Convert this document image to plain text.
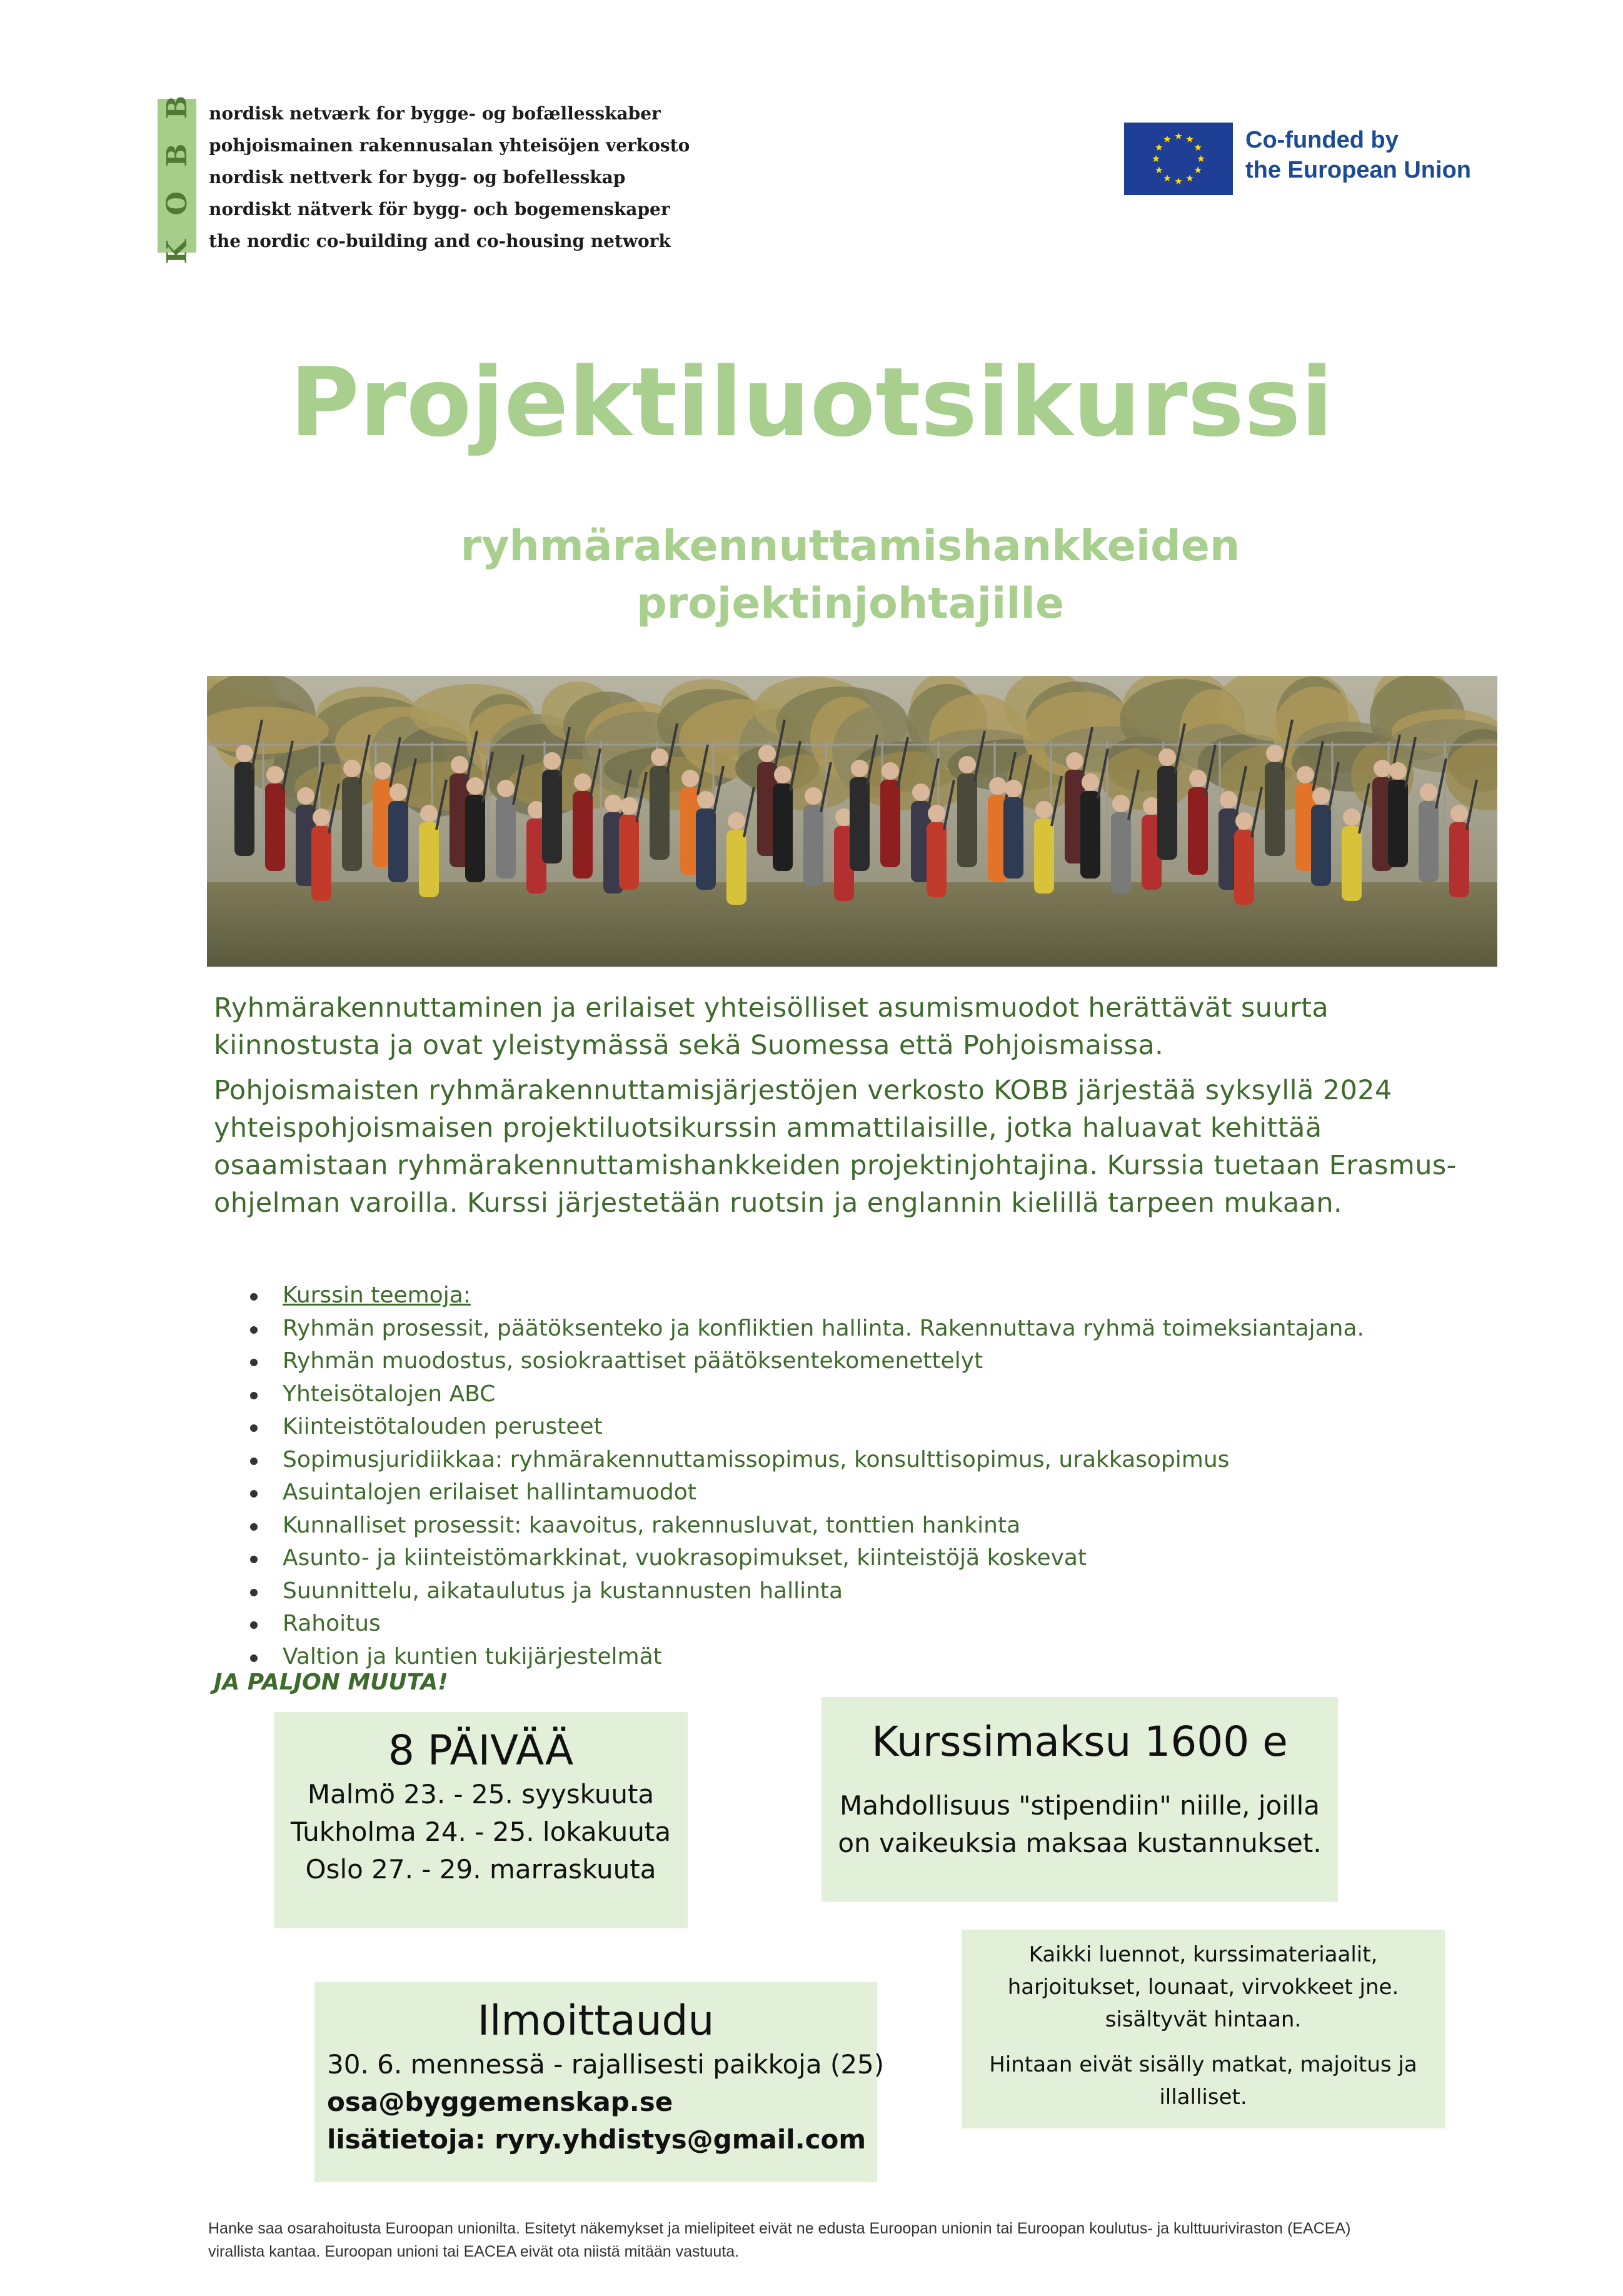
K O B B nordisk netværk for bygge- og bofællesskaber
pohjoismainen rakennusalan yhteisöjen verkosto
nordisk nettverk for bygg- og bofellesskap
nordiskt nätverk för bygg- och bogemenskaper
the nordic co-building and co-housing network
Co-funded by
the European Union
Projektiluotsikurssi
ryhmärakennuttamishankkeiden
projektinjohtajille

Ryhmärakennuttaminen ja erilaiset yhteisölliset asumismuodot herättävät suurta kiinnostusta ja ovat yleistymässä sekä Suomessa että Pohjoismaissa.

Pohjoismaisten ryhmärakennuttamisjärjestöjen verkosto KOBB järjestää syksyllä 2024 yhteispohjoismaisen projektiluotsikurssin ammattilaisille, jotka haluavat kehittää osaamistaan ryhmärakennuttamishankkeiden projektinjohtajina. Kurssia tuetaan Erasmus-ohjelman varoilla. Kurssi järjestetään ruotsin ja englannin kielillä tarpeen mukaan.

Kurssin teemoja:
Ryhmän prosessit, päätöksenteko ja konfliktien hallinta. Rakennuttava ryhmä toimeksiantajana.
Ryhmän muodostus, sosiokraattiset päätöksentekomenettelyt
Yhteisötalojen ABC
Kiinteistötalouden perusteet
Sopimusjuridiikkaa: ryhmärakennuttamissopimus, konsulttisopimus, urakkasopimus
Asuintalojen erilaiset hallintamuodot
Kunnalliset prosessit: kaavoitus, rakennusluvat, tonttien hankinta
Asunto- ja kiinteistömarkkinat, vuokrasopimukset, kiinteistöjä koskevat
Suunnittelu, aikataulutus ja kustannusten hallinta
Rahoitus
Valtion ja kuntien tukijärjestelmät
JA PALJON MUUTA!
8 PÄIVÄÄ
Malmö 23. - 25. syyskuuta
Tukholma 24. - 25. lokakuuta
Oslo 27. - 29. marraskuuta
Kurssimaksu 1600 e
Mahdollisuus "stipendiin" niille, joilla
on vaikeuksia maksaa kustannukset.
Ilmoittaudu
30. 6. mennessä - rajallisesti paikkoja (25)
osa@byggemenskap.se
lisätietoja: ryry.yhdistys@gmail.com
Kaikki luennot, kurssimateriaalit,
harjoitukset, lounaat, virvokkeet jne.
sisältyvät hintaan.
Hintaan eivät sisälly matkat, majoitus ja
illalliset.
Hanke saa osarahoitusta Euroopan unionilta. Esitetyt näkemykset ja mielipiteet eivät ne edusta Euroopan unionin tai Euroopan koulutus- ja kulttuuriviraston (EACEA)
virallista kantaa. Euroopan unioni tai EACEA eivät ota niistä mitään vastuuta.
